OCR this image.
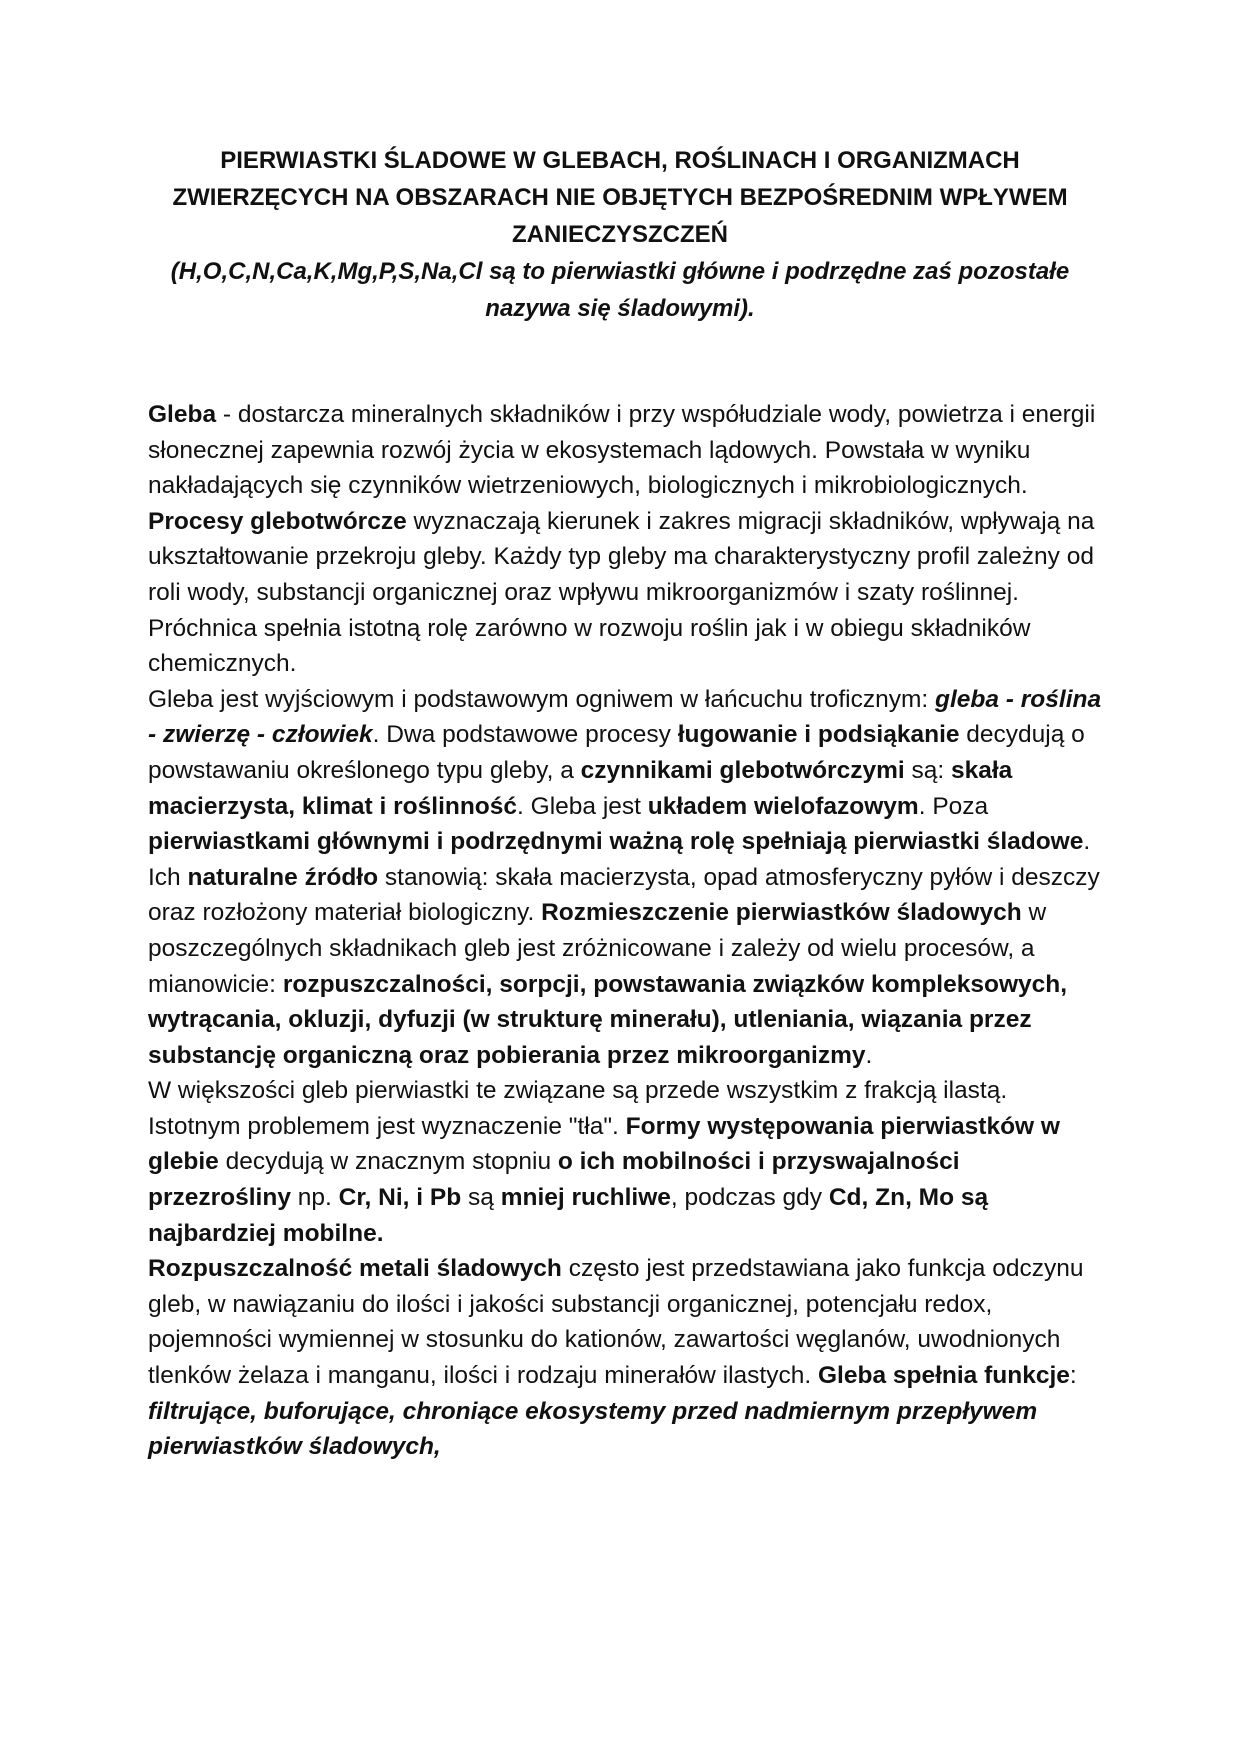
PIERWIASTKI ŚLADOWE W GLEBACH, ROŚLINACH I ORGANIZMACH ZWIERZĘCYCH NA OBSZARACH NIE OBJĘTYCH BEZPOŚREDNIM WPŁYWEM ZANIECZYSZCZEŃ
(H,O,C,N,Ca,K,Mg,P,S,Na,Cl są to pierwiastki główne i podrzędne zaś pozostałe nazywa się śladowymi).

Gleba - dostarcza mineralnych składników i przy współudziale wody, powietrza i energii słonecznej zapewnia rozwój życia w ekosystemach lądowych. Powstała w wyniku nakładających się czynników wietrzeniowych, biologicznych i mikrobiologicznych. Procesy glebotwórcze wyznaczają kierunek i zakres migracji składników, wpływają na ukształtowanie przekroju gleby. Każdy typ gleby ma charakterystyczny profil zależny od roli wody, substancji organicznej oraz wpływu mikroorganizmów i szaty roślinnej. Próchnica spełnia istotną rolę zarówno w rozwoju roślin jak i w obiegu składników chemicznych.

Gleba jest wyjściowym i podstawowym ogniwem w łańcuchu troficznym: gleba - roślina - zwierzę - człowiek. Dwa podstawowe procesy ługowanie i podsiąkanie decydują o powstawaniu określonego typu gleby, a czynnikami glebotwórczymi są: skała macierzysta, klimat i roślinność. Gleba jest układem wielofazowym. Poza pierwiastkami głównymi i podrzędnymi ważną rolę spełniają pierwiastki śladowe. Ich naturalne źródło stanowią: skała macierzysta, opad atmosferyczny pyłów i deszczy oraz rozłożony materiał biologiczny. Rozmieszczenie pierwiastków śladowych w poszczególnych składnikach gleb jest zróżnicowane i zależy od wielu procesów, a mianowicie: rozpuszczalności, sorpcji, powstawania związków kompleksowych, wytrącania, okluzji, dyfuzji (w strukturę minerału), utleniania, wiązania przez substancję organiczną oraz pobierania przez mikroorganizmy.

W większości gleb pierwiastki te związane są przede wszystkim z frakcją ilastą. Istotnym problemem jest wyznaczenie "tła". Formy występowania pierwiastków w glebie decydują w znacznym stopniu o ich mobilności i przyswajalności przezrośliny np. Cr, Ni, i Pb są mniej ruchliwe, podczas gdy Cd, Zn, Mo są najbardziej mobilne.

Rozpuszczalność metali śladowych często jest przedstawiana jako funkcja odczynu gleb, w nawiązaniu do ilości i jakości substancji organicznej, potencjału redox, pojemności wymiennej w stosunku do kationów, zawartości węglanów, uwodnionych tlenków żelaza i manganu, ilości i rodzaju minerałów ilastych. Gleba spełnia funkcje: filtrujące, buforujące, chroniące ekosystemy przed nadmiernym przepływem pierwiastków śladowych,
